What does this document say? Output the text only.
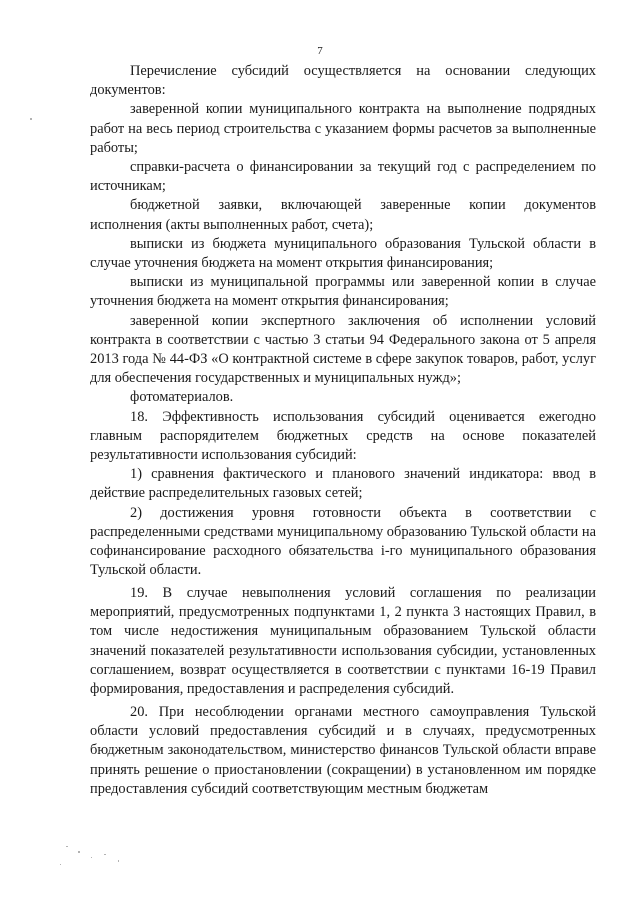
7

Перечисление субсидий осуществляется на основании следующих документов:

заверенной копии муниципального контракта на выполнение подрядных работ на весь период строительства с указанием формы расчетов за выполненные работы;

справки-расчета о финансировании за текущий год с распределением по источникам;

бюджетной заявки, включающей заверенные копии документов исполнения (акты выполненных работ, счета);

выписки из бюджета муниципального образования Тульской области в случае уточнения бюджета на момент открытия финансирования;

выписки из муниципальной программы или заверенной копии в случае уточнения бюджета на момент открытия финансирования;

заверенной копии экспертного заключения об исполнении условий контракта в соответствии с частью 3 статьи 94 Федерального закона от 5 апреля 2013 года № 44-ФЗ «О контрактной системе в сфере закупок товаров, работ, услуг для обеспечения государственных и муниципальных нужд»;

фотоматериалов.

18. Эффективность использования субсидий оценивается ежегодно главным распорядителем бюджетных средств на основе показателей результативности использования субсидий:

1) сравнения фактического и планового значений индикатора: ввод в действие распределительных газовых сетей;

2) достижения уровня готовности объекта в соответствии с распределенными средствами муниципальному образованию Тульской области на софинансирование расходного обязательства i-го муниципального образования Тульской области.

19. В случае невыполнения условий соглашения по реализации мероприятий, предусмотренных подпунктами 1, 2 пункта 3 настоящих Правил, в том числе недостижения муниципальным образованием Тульской области значений показателей результативности использования субсидии, установленных соглашением, возврат осуществляется в соответствии с пунктами 16-19 Правил формирования, предоставления и распределения субсидий.

20. При несоблюдении органами местного самоуправления Тульской области условий предоставления субсидий и в случаях, предусмотренных бюджетным законодательством, министерство финансов Тульской области вправе принять решение о приостановлении (сокращении) в установленном им порядке предоставления субсидий соответствующим местным бюджетам
